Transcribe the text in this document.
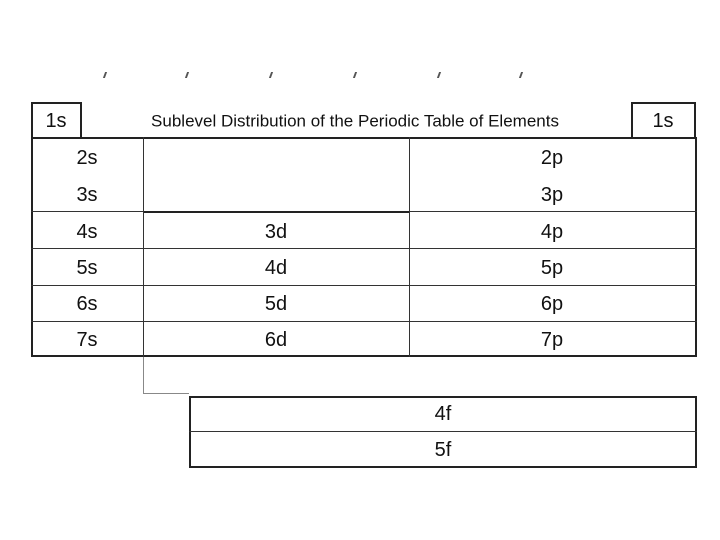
Sublevel Distribution of the Periodic Table of Elements
1s	1s
2s
3s
4s
5s
6s
7s
3d
4d
5d
6d
2p
3p
4p
5p
6p
7p
4f
5f
